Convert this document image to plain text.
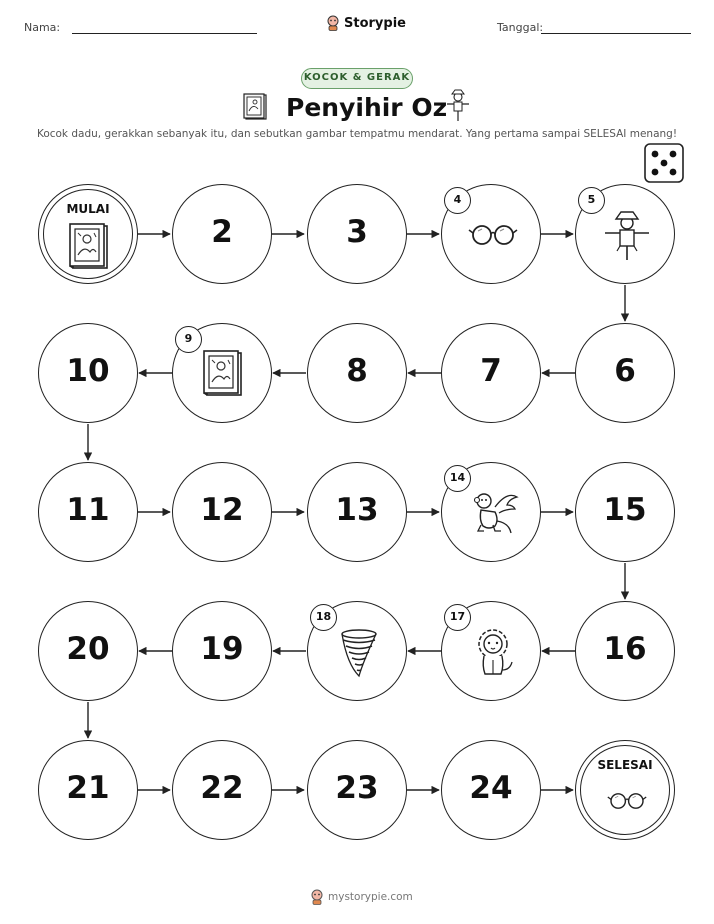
Nama:	Storypie	Tanggal:
KOCOK & GERAK
Penyihir Oz
Kocok dadu, gerakkan sebanyak itu, dan sebutkan gambar tempatmu mendarat. Yang pertama sampai SELESAI menang!
MULAI
2	3
4	5
6
7
8
9
10
11	12	13
14
15
16
17
18
19
20
21	22	23	24
SELESAI
mystorypie.com
